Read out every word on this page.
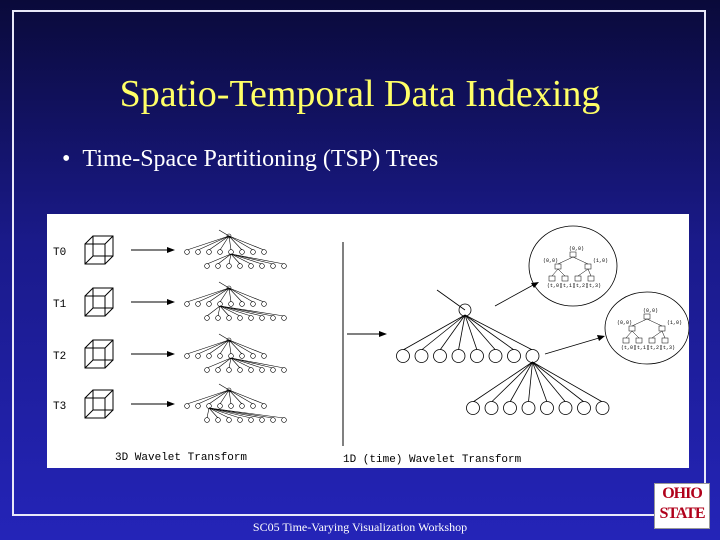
Spatio-Temporal Data Indexing
• Time-Space Partitioning (TSP) Trees
T0
T1
T2
T3
(0,0)
(0,0)	(1,0)
(t,0)
(t,1)
(t,2)
(t,3)
(0,0)
(0,0)	(1,0)
(t,0)
(t,1)
(t,2)
(t,3)
3D Wavelet Transform	1D (time) Wavelet Transform
SC05 Time-Varying Visualization Workshop
OHIO
STATE
